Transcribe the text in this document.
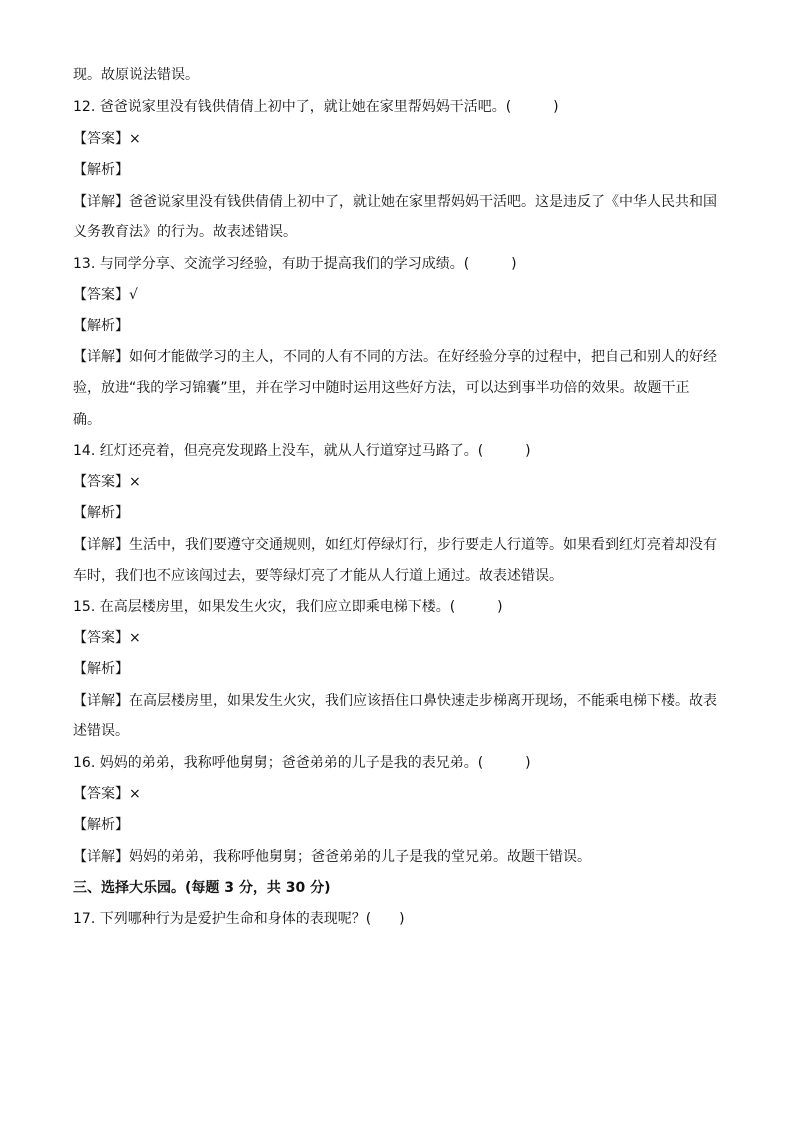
现。故原说法错误。
12. 爸爸说家里没有钱供倩倩上初中了，就让她在家里帮妈妈干活吧。(　　　)
【答案】×
【解析】
【详解】爸爸说家里没有钱供倩倩上初中了，就让她在家里帮妈妈干活吧。这是违反了《中华人民共和国
义务教育法》的行为。故表述错误。
13. 与同学分享、交流学习经验，有助于提高我们的学习成绩。(　　　)
【答案】√
【解析】
【详解】如何才能做学习的主人，不同的人有不同的方法。在好经验分享的过程中，把自己和别人的好经
验，放进“我的学习锦囊”里，并在学习中随时运用这些好方法，可以达到事半功倍的效果。故题干正
确。
14. 红灯还亮着，但亮亮发现路上没车，就从人行道穿过马路了。(　　　)
【答案】×
【解析】
【详解】生活中，我们要遵守交通规则，如红灯停绿灯行，步行要走人行道等。如果看到红灯亮着却没有
车时，我们也不应该闯过去，要等绿灯亮了才能从人行道上通过。故表述错误。
15. 在高层楼房里，如果发生火灾，我们应立即乘电梯下楼。(　　　)
【答案】×
【解析】
【详解】在高层楼房里，如果发生火灾，我们应该捂住口鼻快速走步梯离开现场，不能乘电梯下楼。故表
述错误。
16. 妈妈的弟弟，我称呼他舅舅；爸爸弟弟的儿子是我的表兄弟。(　　　)
【答案】×
【解析】
【详解】妈妈的弟弟，我称呼他舅舅；爸爸弟弟的儿子是我的堂兄弟。故题干错误。
三、选择大乐园。(每题 3 分，共 30 分)
17. 下列哪种行为是爱护生命和身体的表现呢？(　　)
